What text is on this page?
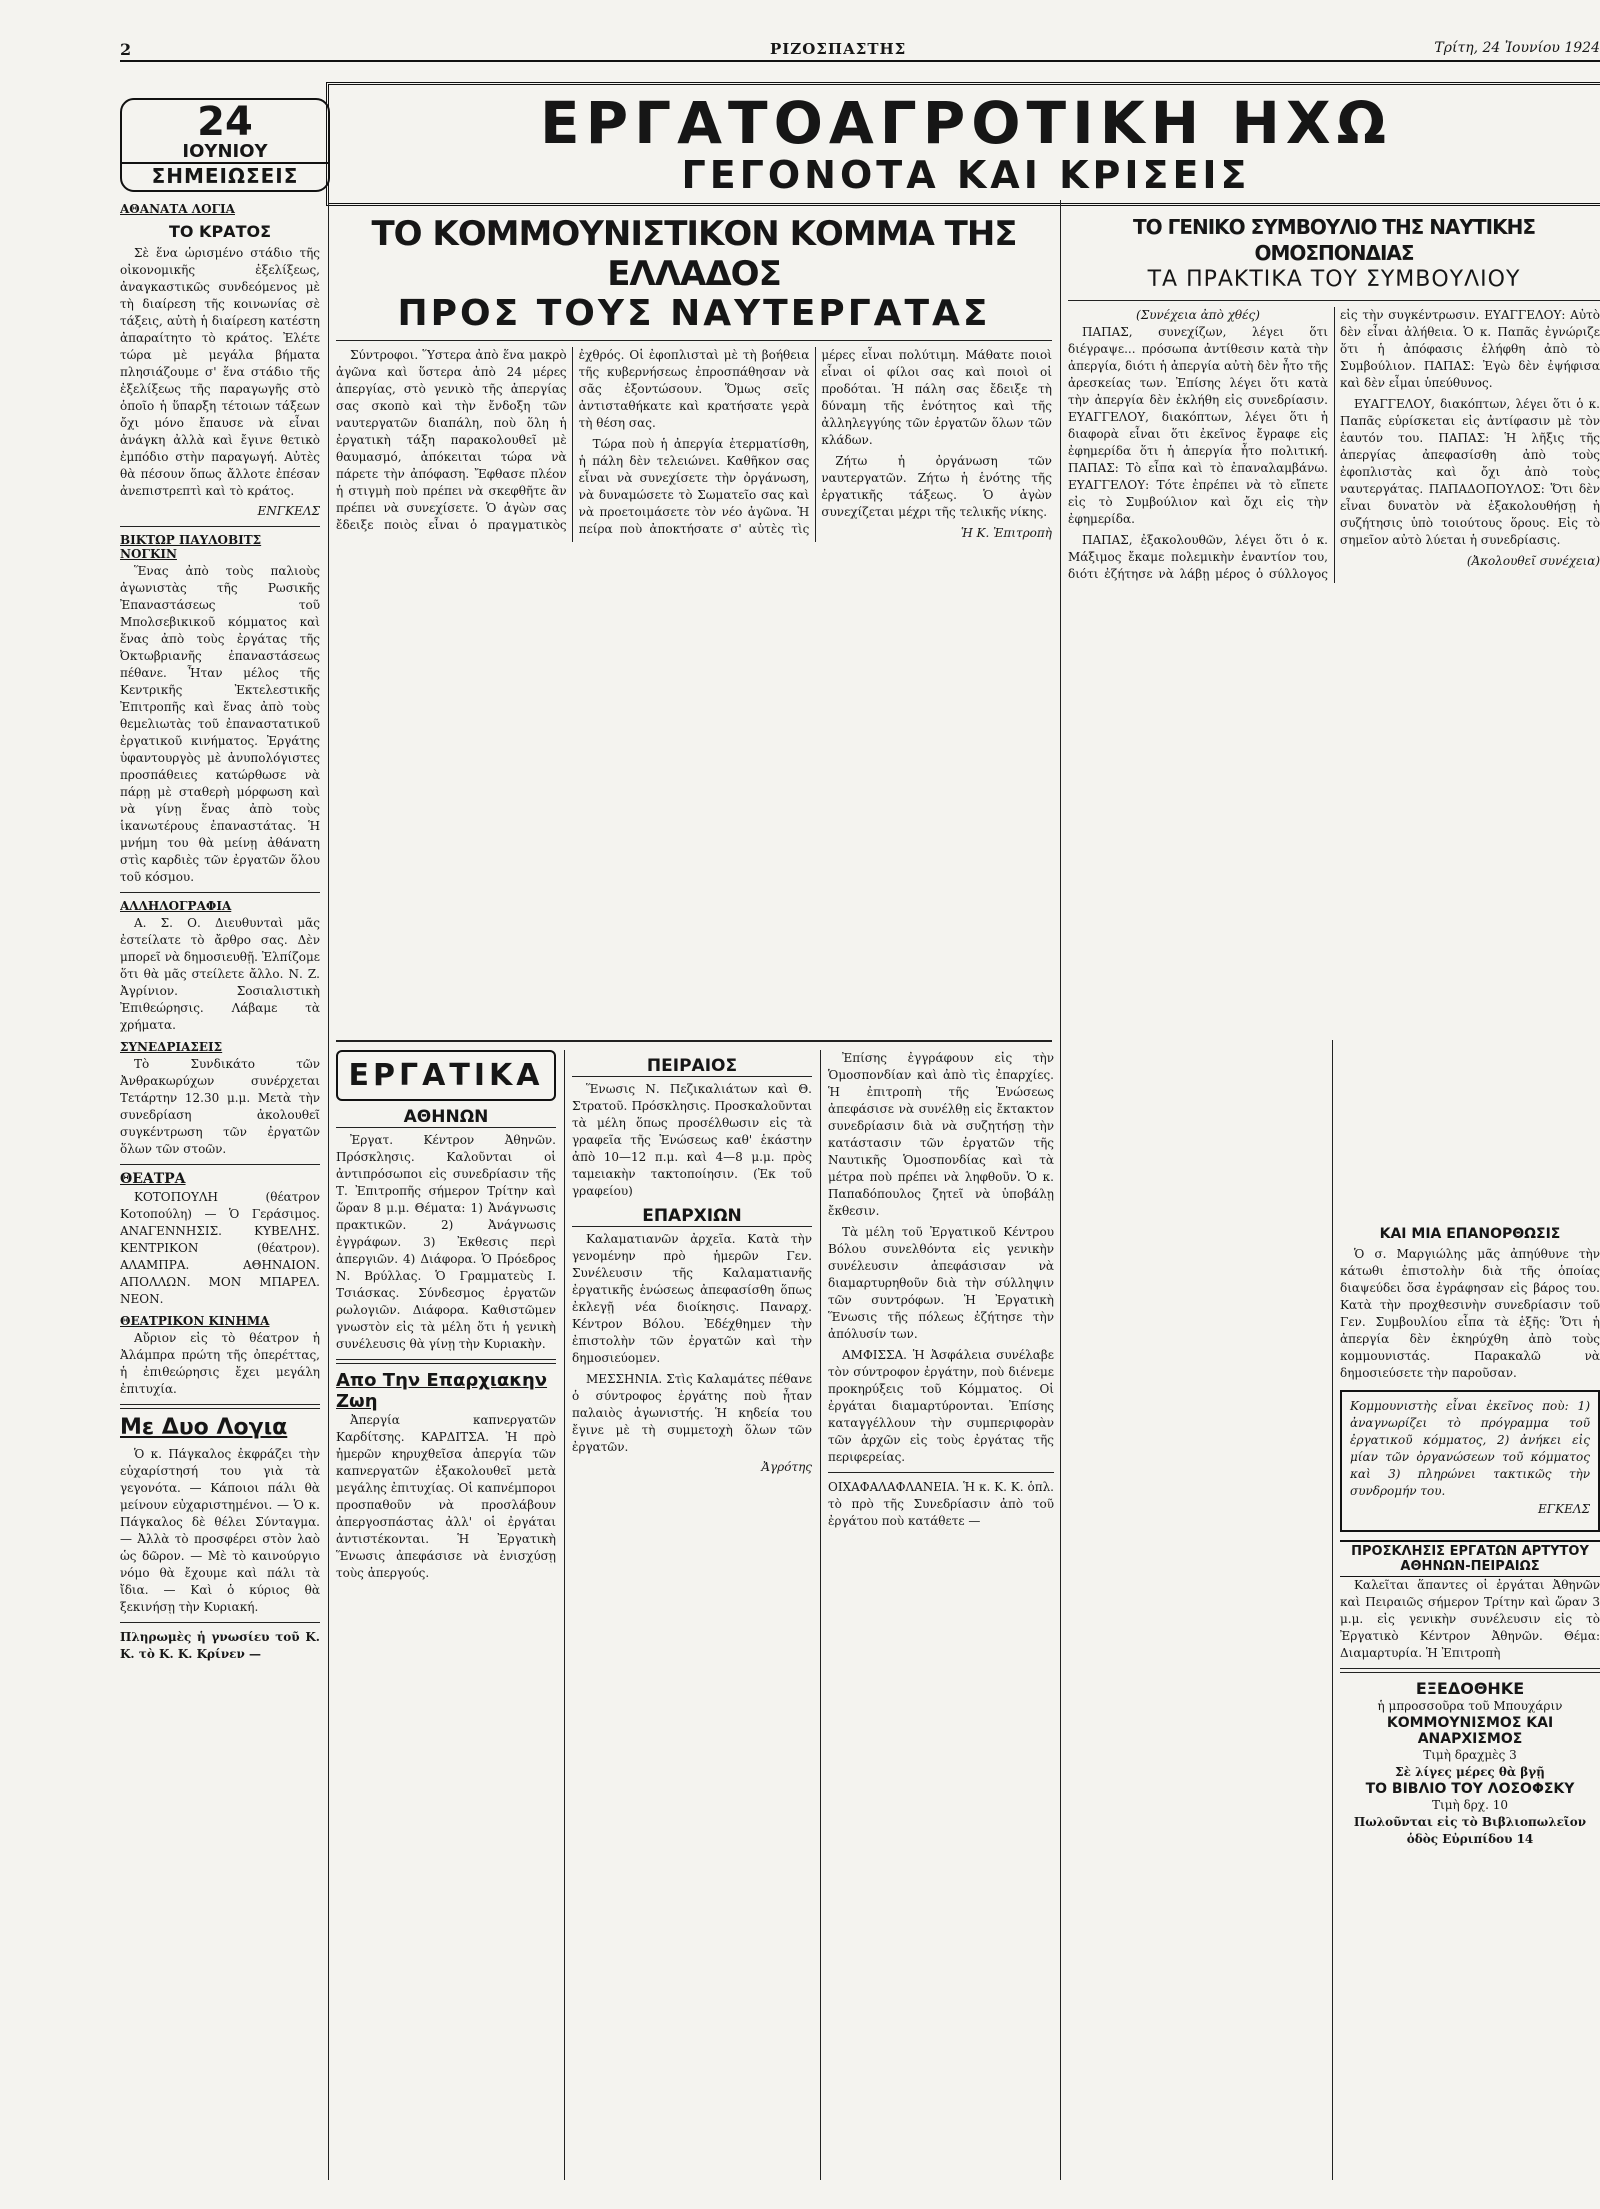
2	ΡΙΖΟΣΠΑΣΤΗΣ	Τρίτη, 24 Ἰουνίου 1924
24
ΙΟΥΝΙΟΥ
ΣΗΜΕΙΩΣΕΙΣ
ΕΡΓΑΤΟΑΓΡΟΤΙΚΗ ΗΧΩ
ΓΕΓΟΝΟΤΑ ΚΑΙ ΚΡΙΣΕΙΣ
ΑΘΑΝΑΤΑ ΛΟΓΙΑ
ΤΟ ΚΡΑΤΟΣ

Σὲ ἕνα ὡρισμένο στάδιο τῆς οἰκονομικῆς ἐξελίξεως, ἀναγκαστικῶς συνδεόμενος μὲ τὴ διαίρεση τῆς κοινωνίας σὲ τάξεις, αὐτὴ ἡ διαίρεση κατέστη ἀπαραίτητο τὸ κράτος. Ἐλέτε τώρα μὲ μεγάλα βήματα πλησιάζουμε σ' ἕνα στάδιο τῆς ἐξελίξεως τῆς παραγωγῆς στὸ ὁποῖο ἡ ὕπαρξη τέτοιων τάξεων ὄχι μόνο ἔπαυσε νὰ εἶναι ἀνάγκη ἀλλὰ καὶ ἔγινε θετικὸ ἐμπόδιο στὴν παραγωγή. Αὐτὲς θὰ πέσουν ὅπως ἄλλοτε ἐπέσαν ἀνεπιστρεπτὶ καὶ τὸ κράτος.

ΕΝΓΚΕΛΣ
ΒΙΚΤΩΡ ΠΑΥΛΟΒΙΤΣ ΝΟΓΚΙΝ

Ἕνας ἀπὸ τοὺς παλιοὺς ἀγωνιστὰς τῆς Ρωσικῆς Ἐπαναστάσεως τοῦ Μπολσεβικικοῦ κόμματος καὶ ἕνας ἀπὸ τοὺς ἐργάτας τῆς Ὀκτωβριανῆς ἐπαναστάσεως πέθανε. Ἦταν μέλος τῆς Κεντρικῆς Ἐκτελεστικῆς Ἐπιτροπῆς καὶ ἕνας ἀπὸ τοὺς θεμελιωτὰς τοῦ ἐπαναστατικοῦ ἐργατικοῦ κινήματος. Ἐργάτης ὑφαντουργὸς μὲ ἀνυπολόγιστες προσπάθειες κατώρθωσε νὰ πάρῃ μὲ σταθερὴ μόρφωση καὶ νὰ γίνῃ ἕνας ἀπὸ τοὺς ἱκανωτέρους ἐπαναστάτας. Ἡ μνήμη του θὰ μείνῃ ἀθάνατη στὶς καρδιὲς τῶν ἐργατῶν ὅλου τοῦ κόσμου.

ΑΛΛΗΛΟΓΡΑΦΙΑ

Α. Σ. Ο. Διευθυνταὶ μᾶς ἐστείλατε τὸ ἄρθρο σας. Δὲν μπορεῖ νὰ δημοσιευθῇ. Ἐλπίζομε ὅτι θὰ μᾶς στείλετε ἄλλο. Ν. Ζ. Ἀγρίνιον. Σοσιαλιστικὴ Ἐπιθεώρησις. Λάβαμε τὰ χρήματα.

ΣΥΝΕΔΡΙΑΣΕΙΣ

Τὸ Συνδικάτο τῶν Ἀνθρακωρύχων συνέρχεται Τετάρτην 12.30 μ.μ. Μετὰ τὴν συνεδρίαση ἀκολουθεῖ συγκέντρωση τῶν ἐργατῶν ὅλων τῶν στοῶν.

ΘΕΑΤΡΑ

ΚΟΤΟΠΟΥΛΗ (θέατρον Κοτοπούλη) — Ὁ Γεράσιμος. ΑΝΑΓΕΝΝΗΣΙΣ. ΚΥΒΕΛΗΣ. ΚΕΝΤΡΙΚΟΝ (θέατρον). ΑΛΑΜΠΡΑ. ΑΘΗΝΑΙΟΝ. ΑΠΟΛΛΩΝ. ΜΟΝ ΜΠΑΡΕΛ. ΝΕΟΝ.

ΘΕΑΤΡΙΚΟΝ ΚΙΝΗΜΑ

Αὔριον εἰς τὸ θέατρον ἡ Ἀλάμπρα πρώτη τῆς ὀπερέττας, ἡ ἐπιθεώρησις ἔχει μεγάλη ἐπιτυχία.

Με Δυο Λογια

Ὁ κ. Πάγκαλος ἐκφράζει τὴν εὐχαρίστησή του γιὰ τὰ γεγονότα. — Κάποιοι πάλι θὰ μείνουν εὐχαριστημένοι. — Ὁ κ. Πάγκαλος δὲ θέλει Σύνταγμα. — Ἀλλὰ τὸ προσφέρει στὸν λαὸ ὡς δῶρον. — Μὲ τὸ καινούργιο νόμο θὰ ἔχουμε καὶ πάλι τὰ ἴδια. — Καὶ ὁ κύριος θὰ ξεκινήσῃ τὴν Κυριακή.

Πληρωμὲς ἡ γνωσίευ τοῦ Κ. Κ. τὸ Κ. Κ. Κρίνεν —
ΤΟ ΚΟΜΜΟΥΝΙΣΤΙΚΟΝ ΚΟΜΜΑ ΤΗΣ ΕΛΛΑΔΟΣ
ΠΡΟΣ ΤΟΥΣ ΝΑΥΤΕΡΓΑΤΑΣ

Σύντροφοι. Ὕστερα ἀπὸ ἕνα μακρὸ ἀγῶνα καὶ ὕστερα ἀπὸ 24 μέρες ἀπεργίας, στὸ γενικὸ τῆς ἀπεργίας σας σκοπὸ καὶ τὴν ἔνδοξη τῶν ναυτεργατῶν διαπάλη, ποὺ ὅλη ἡ ἐργατικὴ τάξη παρακολουθεῖ μὲ θαυμασμό, ἀπόκειται τώρα νὰ πάρετε τὴν ἀπόφαση. Ἔφθασε πλέον ἡ στιγμὴ ποὺ πρέπει νὰ σκεφθῆτε ἂν πρέπει νὰ συνεχίσετε. Ὁ ἀγὼν σας ἔδειξε ποιὸς εἶναι ὁ πραγματικὸς ἐχθρός. Οἱ ἐφοπλισταὶ μὲ τὴ βοήθεια τῆς κυβερνήσεως ἐπροσπάθησαν νὰ σᾶς ἐξοντώσουν. Ὅμως σεῖς ἀντισταθήκατε καὶ κρατήσατε γερὰ τὴ θέση σας.

Τώρα ποὺ ἡ ἀπεργία ἐτερματίσθη, ἡ πάλη δὲν τελειώνει. Καθῆκον σας εἶναι νὰ συνεχίσετε τὴν ὀργάνωση, νὰ δυναμώσετε τὸ Σωματεῖο σας καὶ νὰ προετοιμάσετε τὸν νέο ἀγῶνα. Ἡ πείρα ποὺ ἀποκτήσατε σ' αὐτὲς τὶς μέρες εἶναι πολύτιμη. Μάθατε ποιοὶ εἶναι οἱ φίλοι σας καὶ ποιοὶ οἱ προδόται. Ἡ πάλη σας ἔδειξε τὴ δύναμη τῆς ἑνότητος καὶ τῆς ἀλληλεγγύης τῶν ἐργατῶν ὅλων τῶν κλάδων.

Ζήτω ἡ ὀργάνωση τῶν ναυτεργατῶν. Ζήτω ἡ ἑνότης τῆς ἐργατικῆς τάξεως. Ὁ ἀγὼν συνεχίζεται μέχρι τῆς τελικῆς νίκης.

Ἡ Κ. Ἐπιτροπὴ
ΤΟ ΓΕΝΙΚΟ ΣΥΜΒΟΥΛΙΟ ΤΗΣ ΝΑΥΤΙΚΗΣ ΟΜΟΣΠΟΝΔΙΑΣ
ΤΑ ΠΡΑΚΤΙΚΑ ΤΟΥ ΣΥΜΒΟΥΛΙΟΥ
(Συνέχεια ἀπὸ χθές)

ΠΑΠΑΣ, συνεχίζων, λέγει ὅτι διέγραψε... πρόσωπα ἀντίθεσιν κατὰ τὴν ἀπεργία, διότι ἡ ἀπεργία αὐτὴ δὲν ἦτο τῆς ἀρεσκείας των. Ἐπίσης λέγει ὅτι κατὰ τὴν ἀπεργία δὲν ἐκλήθη εἰς συνεδρίασιν. ΕΥΑΓΓΕΛΟΥ, διακόπτων, λέγει ὅτι ἡ διαφορὰ εἶναι ὅτι ἐκεῖνος ἔγραφε εἰς ἐφημερίδα ὅτι ἡ ἀπεργία ἦτο πολιτική. ΠΑΠΑΣ: Τὸ εἶπα καὶ τὸ ἐπαναλαμβάνω. ΕΥΑΓΓΕΛΟΥ: Τότε ἐπρέπει νὰ τὸ εἴπετε εἰς τὸ Συμβούλιον καὶ ὄχι εἰς τὴν ἐφημερίδα.

ΠΑΠΑΣ, ἐξακολουθῶν, λέγει ὅτι ὁ κ. Μάξιμος ἔκαμε πολεμικὴν ἐναντίον του, διότι ἐζήτησε νὰ λάβῃ μέρος ὁ σύλλογος εἰς τὴν συγκέντρωσιν. ΕΥΑΓΓΕΛΟΥ: Αὐτὸ δὲν εἶναι ἀλήθεια. Ὁ κ. Παπᾶς ἐγνώριζε ὅτι ἡ ἀπόφασις ἐλήφθη ἀπὸ τὸ Συμβούλιον. ΠΑΠΑΣ: Ἐγὼ δὲν ἐψήφισα καὶ δὲν εἶμαι ὑπεύθυνος.

ΕΥΑΓΓΕΛΟΥ, διακόπτων, λέγει ὅτι ὁ κ. Παπᾶς εὑρίσκεται εἰς ἀντίφασιν μὲ τὸν ἑαυτόν του. ΠΑΠΑΣ: Ἡ λῆξις τῆς ἀπεργίας ἀπεφασίσθη ἀπὸ τοὺς ἐφοπλιστὰς καὶ ὄχι ἀπὸ τοὺς ναυτεργάτας. ΠΑΠΑΔΟΠΟΥΛΟΣ: Ὅτι δὲν εἶναι δυνατὸν νὰ ἐξακολουθήσῃ ἡ συζήτησις ὑπὸ τοιούτους ὅρους. Εἰς τὸ σημεῖον αὐτὸ λύεται ἡ συνεδρίασις.

(Ἀκολουθεῖ συνέχεια)
ΕΡΓΑΤΙΚΑ
ΑΘΗΝΩΝ

Ἐργατ. Κέντρον Ἀθηνῶν. Πρόσκλησις. Καλοῦνται οἱ ἀντιπρόσωποι εἰς συνεδρίασιν τῆς Τ. Ἐπιτροπῆς σήμερον Τρίτην καὶ ὥραν 8 μ.μ. Θέματα: 1) Ἀνάγνωσις πρακτικῶν. 2) Ἀνάγνωσις ἐγγράφων. 3) Ἐκθεσις περὶ ἀπεργιῶν. 4) Διάφορα. Ὁ Πρόεδρος Ν. Βρύλλας. Ὁ Γραμματεὺς Ι. Τσιάσκας. Σύνδεσμος ἐργατῶν ρωλογιῶν. Διάφορα. Καθιστῶμεν γνωστὸν εἰς τὰ μέλη ὅτι ἡ γενικὴ συνέλευσις θὰ γίνῃ τὴν Κυριακὴν.

Απο Την Επαρχιακην Ζωη

Ἀπεργία καπνεργατῶν Καρδίτσης. ΚΑΡΔΙΤΣΑ. Ἡ πρὸ ἡμερῶν κηρυχθεῖσα ἀπεργία τῶν καπνεργατῶν ἐξακολουθεῖ μετὰ μεγάλης ἐπιτυχίας. Οἱ καπνέμποροι προσπαθοῦν νὰ προσλάβουν ἀπεργοσπάστας ἀλλ' οἱ ἐργάται ἀντιστέκονται. Ἡ Ἐργατικὴ Ἕνωσις ἀπεφάσισε νὰ ἐνισχύσῃ τοὺς ἀπεργούς.

ΠΕΙΡΑΙΟΣ

Ἕνωσις Ν. Πεζικαλιάτων καὶ Θ. Στρατοῦ. Πρόσκλησις. Προσκαλοῦνται τὰ μέλη ὅπως προσέλθωσιν εἰς τὰ γραφεῖα τῆς Ἑνώσεως καθ' ἑκάστην ἀπὸ 10—12 π.μ. καὶ 4—8 μ.μ. πρὸς ταμειακὴν τακτοποίησιν. (Ἐκ τοῦ γραφείου)

ΕΠΑΡΧΙΩΝ

Καλαματιανῶν ἀρχεῖα. Κατὰ τὴν γενομένην πρὸ ἡμερῶν Γεν. Συνέλευσιν τῆς Καλαματιανῆς ἐργατικῆς ἑνώσεως ἀπεφασίσθη ὅπως ἐκλεγῇ νέα διοίκησις. Παναρχ. Κέντρον Βόλου. Ἐδέχθημεν τὴν ἐπιστολὴν τῶν ἐργατῶν καὶ τὴν δημοσιεύομεν.

ΜΕΣΣΗΝΙΑ. Στὶς Καλαμάτες πέθανε ὁ σύντροφος ἐργάτης ποὺ ἦταν παλαιὸς ἀγωνιστής. Ἡ κηδεία του ἔγινε μὲ τὴ συμμετοχὴ ὅλων τῶν ἐργατῶν.

Ἀγρότης

Ἐπίσης ἐγγράφουν εἰς τὴν Ὁμοσπονδίαν καὶ ἀπὸ τὶς ἐπαρχίες. Ἡ ἐπιτροπὴ τῆς Ἑνώσεως ἀπεφάσισε νὰ συνέλθῃ εἰς ἔκτακτον συνεδρίασιν διὰ νὰ συζητήσῃ τὴν κατάστασιν τῶν ἐργατῶν τῆς Ναυτικῆς Ὁμοσπονδίας καὶ τὰ μέτρα ποὺ πρέπει νὰ ληφθοῦν. Ὁ κ. Παπαδόπουλος ζητεῖ νὰ ὑποβάλῃ ἔκθεσιν.

Τὰ μέλη τοῦ Ἐργατικοῦ Κέντρου Βόλου συνελθόντα εἰς γενικὴν συνέλευσιν ἀπεφάσισαν νὰ διαμαρτυρηθοῦν διὰ τὴν σύλληψιν τῶν συντρόφων. Ἡ Ἐργατικὴ Ἕνωσις τῆς πόλεως ἐζήτησε τὴν ἀπόλυσίν των.

ΑΜΦΙΣΣΑ. Ἡ Ἀσφάλεια συνέλαβε τὸν σύντροφον ἐργάτην, ποὺ διένεμε προκηρύξεις τοῦ Κόμματος. Οἱ ἐργάται διαμαρτύρονται. Ἐπίσης καταγγέλλουν τὴν συμπεριφορὰν τῶν ἀρχῶν εἰς τοὺς ἐργάτας τῆς περιφερείας.

ΟΙΧΑΦΑΛΑΦΛΑΝΕΙΑ. Ἡ κ. Κ. Κ. ὁπλ. τὸ πρὸ τῆς Συνεδρίασιν ἀπὸ τοῦ ἐργάτου ποὺ κατάθετε —
ΚΑΙ ΜΙΑ ΕΠΑΝΟΡΘΩΣΙΣ

Ὁ σ. Μαργιώλης μᾶς ἀπηύθυνε τὴν κάτωθι ἐπιστολὴν διὰ τῆς ὁποίας διαψεύδει ὅσα ἐγράφησαν εἰς βάρος του. Κατὰ τὴν προχθεσινὴν συνεδρίασιν τοῦ Γεν. Συμβουλίου εἶπα τὰ ἑξῆς: Ὅτι ἡ ἀπεργία δὲν ἐκηρύχθη ἀπὸ τοὺς κομμουνιστάς. Παρακαλῶ νὰ δημοσιεύσετε τὴν παροῦσαν.

Κομμουνιστὴς εἶναι ἐκεῖνος ποὺ: 1) ἀναγνωρίζει τὸ πρόγραμμα τοῦ ἐργατικοῦ κόμματος, 2) ἀνήκει εἰς μίαν τῶν ὀργανώσεων τοῦ κόμματος καὶ 3) πληρώνει τακτικῶς τὴν συνδρομήν του.
ΕΓΚΕΛΣ
ΠΡΟΣΚΛΗΣΙΣ ΕΡΓΑΤΩΝ ΑΡΤΥΤΟΥ ΑΘΗΝΩΝ-ΠΕΙΡΑΙΩΣ

Καλεῖται ἅπαντες οἱ ἐργάται Ἀθηνῶν καὶ Πειραιῶς σήμερον Τρίτην καὶ ὥραν 3 μ.μ. εἰς γενικὴν συνέλευσιν εἰς τὸ Ἐργατικὸ Κέντρον Ἀθηνῶν. Θέμα: Διαμαρτυρία. Ἡ Ἐπιτροπὴ

ΕΞΕΔΟΘΗΚΕ
ἡ μπροσσοῦρα τοῦ Μπουχάριν
ΚΟΜΜΟΥΝΙΣΜΟΣ ΚΑΙ ΑΝΑΡΧΙΣΜΟΣ
Τιμὴ δραχμὲς 3
Σὲ λίγες μέρες θὰ βγῇ
ΤΟ ΒΙΒΛΙΟ ΤΟΥ ΛΟΣΟΦΣΚΥ
Τιμὴ δρχ. 10
Πωλοῦνται εἰς τὸ Βιβλιοπωλεῖον ὁδὸς Εὐριπίδου 14
